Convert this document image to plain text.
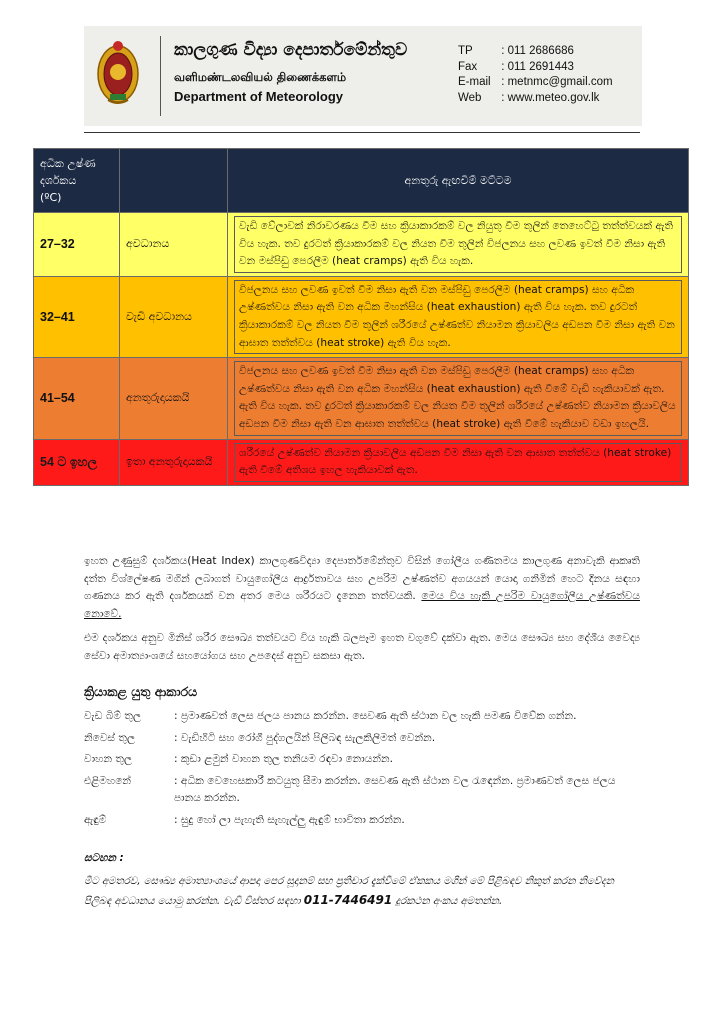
කාලගුණ විද්‍යා දෙපාර්තමේන්තුව
வளிமண்டலவியல் திணைக்களம்
Department of Meteorology
TP : 011 2686686
Fax : 011 2691443
E-mail : metnmc@gmail.com
Web : www.meteo.gov.lk
අධික උෂ්ණ
දර්ශකය
(ºC)		අනතුරු ඇඟවීම් මට්ටම
27–32	අවධානය	වැඩි වේලාවක් නිරාවරණය වීම සහ ක්‍රියාකාරකම් වල නියුතු වීම තුලින් තෙහෙට්ටු තත්ත්වයක් ඇති විය හැක. තව දුරටත් ක්‍රියාකාරකම් වල නියත වීම තුලින් විජලනය සහ ලවණ ඉවත් වීම නිසා ඇති වන මස්පිඩු පෙරලීම (heat cramps) ඇති විය හැක.

32–41	වැඩි අවධානය	විජලනය සහ ලවණ ඉවත් වීම නිසා ඇති වන මස්පිඩු පෙරලීම (heat cramps) සහ අධික උෂ්ණත්වය නිසා ඇති වන අධික මහන්සිය (heat exhaustion) ඇති විය හැක. තව දුරටත් ක්‍රියාකාරකම් වල නියත වීම තුලින් ශරීරයේ උෂ්ණත්ව නියාමන ක්‍රියාවලිය අඩපන වීම නිසා ඇති වන ආඝාත තත්ත්වය (heat stroke) ඇති විය හැක.

41–54	අනතුරුදායකයි	විජලනය සහ ලවණ ඉවත් වීම නිසා ඇති වන මස්පිඩු පෙරලීම (heat cramps) සහ අධික උෂ්ණත්වය නිසා ඇති වන අධික මහන්සිය (heat exhaustion) ඇති වීමේ වැඩි හැකියාවක් ඇත. ඇති විය හැක. තව දුරටත් ක්‍රියාකාරකම් වල නියත වීම තුලින් ශරීරයේ උෂ්ණත්ව නියාමන ක්‍රියාවලිය අඩපන වීම නිසා ඇති වන ආඝාත තත්ත්වය (heat stroke) ඇති වීමේ හැකියාව වඩා ඉහලයි.

54 ට ඉහල	ඉතා අනතුරුදායකයි	ශරීරයේ උෂ්ණත්ව නියාමන ක්‍රියාවලිය අඩපන වීම නිසා ඇති වන ආඝාත තත්ත්වය (heat stroke) ඇති වීමේ අතිශය ඉහල හැකියාවක් ඇත.
ඉහත උණුසුම් දර්ශකය(Heat Index) කාලගුණවිද්‍යා දෙපාර්තමේන්තුව විසින් ගෝලීය ගණිතමය කාලගුණ අනාවැකි ආකෘති දත්ත විශ්ලේෂණ මගින් ලබාගත් වායුගෝලීය ආර්ද්‍රතාවය සහ උපරිම උෂ්ණත්ව අගයයන් යොදා ගනිමින් හෙට දිනය සඳහා ගණනය කර ඇති දර්ශකයක් වන අතර මෙය ශරීරයට දැනෙන තත්වයකි. මෙය විය හැකි උපරිම වායුගෝලීය උෂ්ණත්වය නොවේ.
එම දර්ශකය අනුව මිනිස් ශරීර සෞඛ්‍ය තත්වයට විය හැකි බලපෑම ඉහත වගුවේ දක්වා ඇත. මෙය සෞඛ්‍ය සහ දේශීය වෛද්‍ය සේවා අමාත්‍යාංශයේ සහයෝගය සහ උපදෙස් අනුව සකසා ඇත.
ක්‍රියාකළ යුතු ආකාරය
වැඩ බිම් තුල	: ප්‍රමාණවත් ලෙස ජලය පානය කරන්න. සෙවණ ඇති ස්ථාන වල හැකි පමණ විවේක ගන්න.
නිවෙස් තුල	: වැඩිහිටි සහ රෝගී පුද්ගලයින් පිලිබඳ සැලකිලිමත් වෙන්න.
වාහන තුල	: කුඩා ළමුන් වාහන තුල තනියම රඳවා නොයන්න.
එළිමහනේ	: අධික වෙහෙසකාරී කටයුතු සීමා කරන්න. සෙවණ ඇති ස්ථාන වල රැඳෙන්න. ප්‍රමාණවත් ලෙස ජලය පානය කරන්න.
ඇඳුම්	: සුදු හෝ ලා පැහැති සැහැල්ලු ඇඳුම් භාවිතා කරන්න.
සටහන :
මීට අමතරව, සෞඛ්‍ය අමාත්‍යාංශයේ ආපදා පෙර සූදානම් සහ ප්‍රතිචාර දැක්වීමේ ඒකකය මගින් මේ පිළිබඳව නිකුත් කරන නිවේදන පිලිබඳ අවධානය යොමු කරන්න. වැඩි විස්තර සඳහා 011-7446491 දුරකථන අංකය අමතන්න.
